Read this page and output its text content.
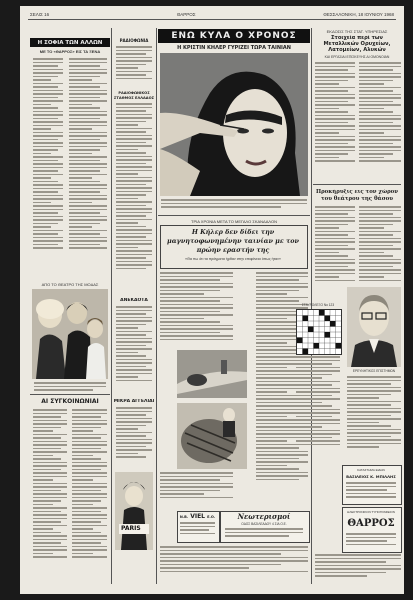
ΣΕΛΙΣ 16	ΘΑΡΡΟΣ	ΘΕΣΣΑΛΟΝΙΚΗ, 18 ΙΟΥΝΙΟΥ 1968
Η ΣΟΦΙΑ ΤΩΝ ΑΛΛΩΝ
ΜΕ ΤΟ «ΘΑΡΡΟΣ» ΕΙΣ ΤΑ ΞΕΝΑ
ΑΠΟ ΤΟ ΘΕΑΤΡΟ ΤΗΣ ΜΟΔΑΣ
ΑΙ ΣΥΓΚΟΙΝΩΝΙΑΙ
ΡΑΔΙΟΦΩΝΙΑ
ΡΑΔΙΟΦΩΝΙΚΟΣ ΣΤΑΘΜΟΣ ΕΛΛΑΔΟΣ
ΑΝΕΚΔΟΤΑ
ΜΙΚΡΑ ΑΓΓΕΛΙΑΙ
PARIS
ΕΝΩ ΚΥΛΑ Ο ΧΡΟΝΟΣ
Η ΚΡΙΣΤΙΝ ΚΗΛΕΡ ΓΥΡΙΖΕΙ ΤΩΡΑ ΤΑΙΝΙΑΝ
ΤΡΙΑ ΧΡΟΝΙΑ ΜΕΤΑ ΤΟ ΜΕΓΑΛΟ ΣΚΑΝΔΑΛΟΝ
Η Κήλερ δεν δίδει την μαγνητοφωνημένην ταινίαν με τον πρώην εραστήν της
«Θα πω ότι τα πράγματα ήρθαν στην επιφάνεια όπως ήταν»
Ν.Β. VIEL Ε.Ο.	Νεωτερισμοί
ΟΔΟΣ ΒΑΣΙΛΕΑΔΟΥ 4 ΣΙΑ Ο.Ε.
ΕΚΔΟΣΙΣ ΤΗΣ ΣΤΑΤ. ΥΠΗΡΕΣΙΑΣ
Στοιχεία περί των Μεταλλικών Ορυχείων, Λατομείων, Αλυκών
ΚΑΙ ΕΡΓΑΣΙΑΙ ΕΠΙΣΚΕΥΗΣ ΔΙ ΟΜΟΝΟΙΑΝ
Προκήρυξις εις τον χώρον του θεάτρου της θάσου
ΣΤΑΥΡΟΛΕΞΟ Νο 123
ΕΡΕΥΝΗΤΙΚΟΣ ΕΠΙΣΤΗΜΩΝ
ΚΑΤΑΣΤΗΜΑ ΕΙΔΩΝ
ΒΑΣΙΛΕΙΟΣ Κ. ΜΠΙΛΛΗΣ
ΗΛΕΚΤΡΟΝΙΚΟΝ ΤΥΠΟΓΡΑΦΕΙΟΝ
ΘΑΡΡΟΣ
